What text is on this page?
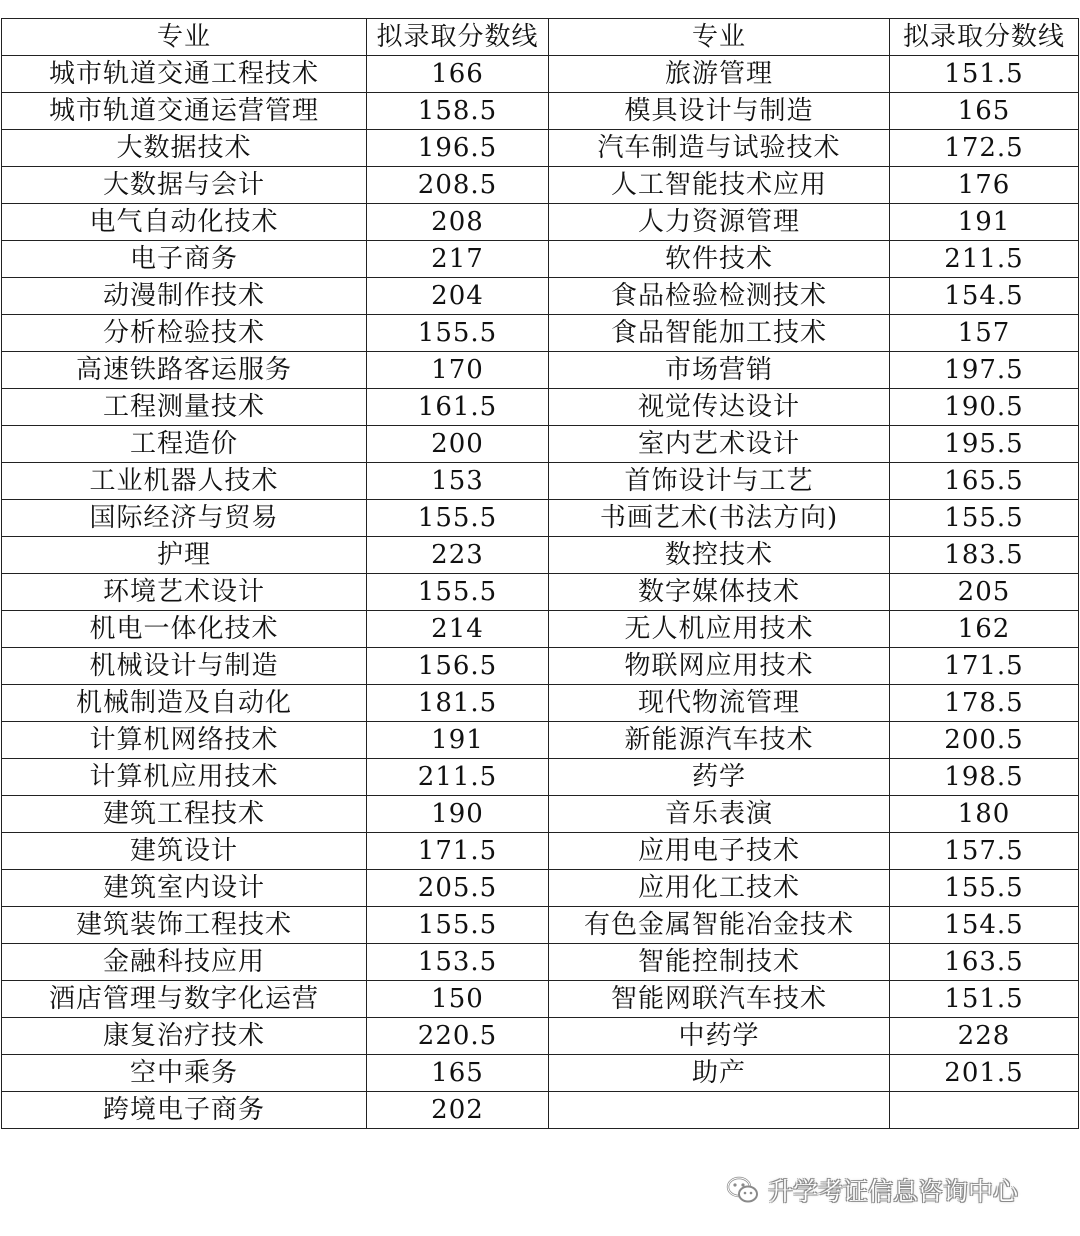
专业	拟录取分数线	专业	拟录取分数线
城市轨道交通工程技术	166	旅游管理	151.5
城市轨道交通运营管理	158.5	模具设计与制造	165
大数据技术	196.5	汽车制造与试验技术	172.5
大数据与会计	208.5	人工智能技术应用	176
电气自动化技术	208	人力资源管理	191
电子商务	217	软件技术	211.5
动漫制作技术	204	食品检验检测技术	154.5
分析检验技术	155.5	食品智能加工技术	157
高速铁路客运服务	170	市场营销	197.5
工程测量技术	161.5	视觉传达设计	190.5
工程造价	200	室内艺术设计	195.5
工业机器人技术	153	首饰设计与工艺	165.5
国际经济与贸易	155.5	书画艺术(书法方向)	155.5
护理	223	数控技术	183.5
环境艺术设计	155.5	数字媒体技术	205
机电一体化技术	214	无人机应用技术	162
机械设计与制造	156.5	物联网应用技术	171.5
机械制造及自动化	181.5	现代物流管理	178.5
计算机网络技术	191	新能源汽车技术	200.5
计算机应用技术	211.5	药学	198.5
建筑工程技术	190	音乐表演	180
建筑设计	171.5	应用电子技术	157.5
建筑室内设计	205.5	应用化工技术	155.5
建筑装饰工程技术	155.5	有色金属智能冶金技术	154.5
金融科技应用	153.5	智能控制技术	163.5
酒店管理与数字化运营	150	智能网联汽车技术	151.5
康复治疗技术	220.5	中药学	228
空中乘务	165	助产	201.5
跨境电子商务	202		
升学考证信息咨询中心
